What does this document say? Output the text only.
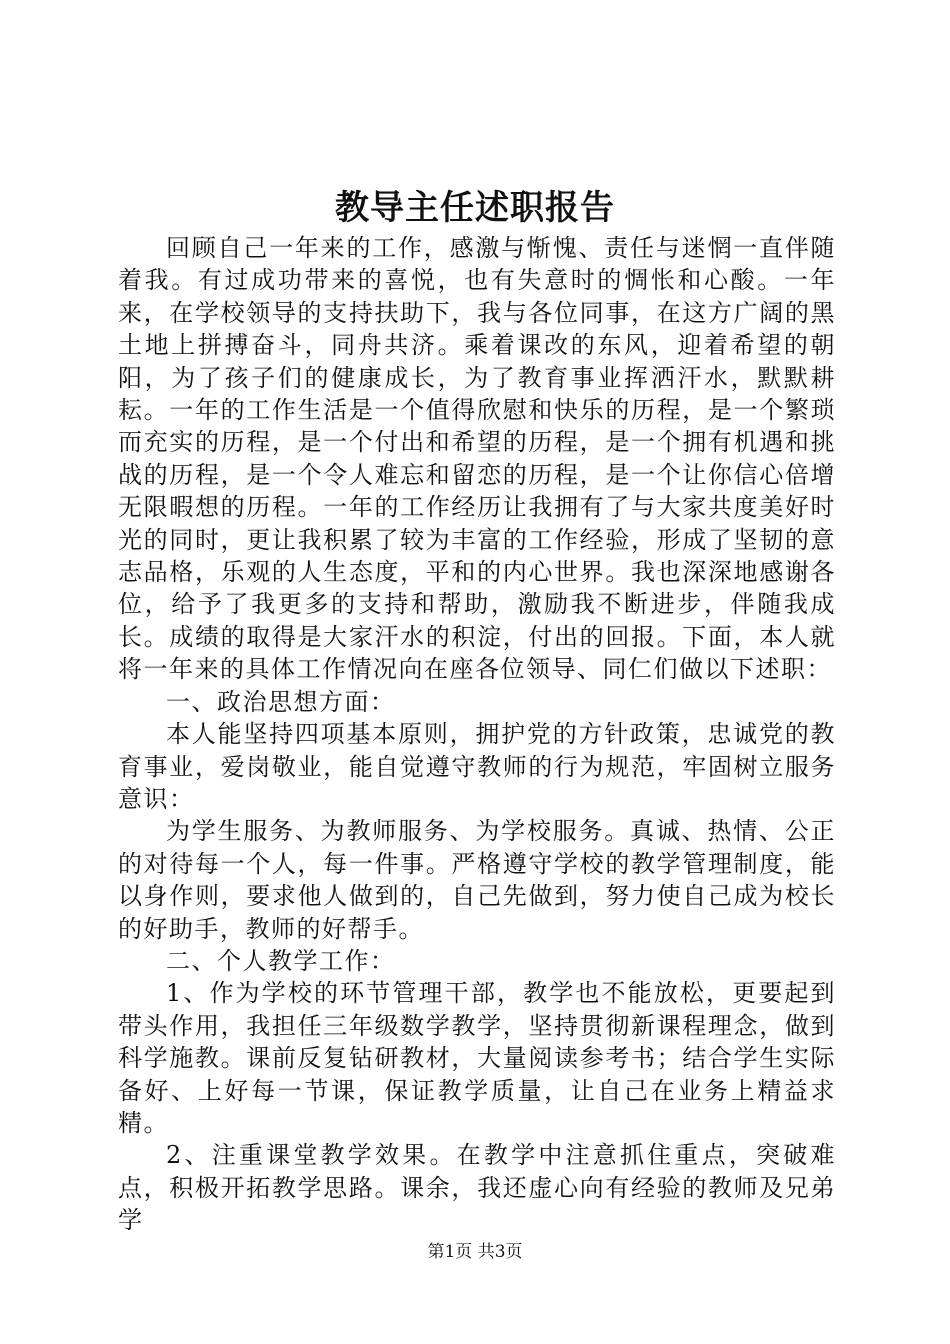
教导主任述职报告

回顾自己一年来的工作，感激与惭愧、责任与迷惘一直伴随着我。有过成功带来的喜悦，也有失意时的惆怅和心酸。一年来，在学校领导的支持扶助下，我与各位同事，在这方广阔的黑土地上拼搏奋斗，同舟共济。乘着课改的东风，迎着希望的朝阳，为了孩子们的健康成长，为了教育事业挥洒汗水，默默耕耘。一年的工作生活是一个值得欣慰和快乐的历程，是一个繁琐而充实的历程，是一个付出和希望的历程，是一个拥有机遇和挑战的历程，是一个令人难忘和留恋的历程，是一个让你信心倍增无限暇想的历程。一年的工作经历让我拥有了与大家共度美好时光的同时，更让我积累了较为丰富的工作经验，形成了坚韧的意志品格，乐观的人生态度，平和的内心世界。我也深深地感谢各位，给予了我更多的支持和帮助，激励我不断进步，伴随我成长。成绩的取得是大家汗水的积淀，付出的回报。下面，本人就将一年来的具体工作情况向在座各位领导、同仁们做以下述职：

一、政治思想方面：

本人能坚持四项基本原则，拥护党的方针政策，忠诚党的教育事业，爱岗敬业，能自觉遵守教师的行为规范，牢固树立服务意识：

为学生服务、为教师服务、为学校服务。真诚、热情、公正的对待每一个人，每一件事。严格遵守学校的教学管理制度，能以身作则，要求他人做到的，自己先做到，努力使自己成为校长的好助手，教师的好帮手。

二、个人教学工作：

1、作为学校的环节管理干部，教学也不能放松，更要起到带头作用，我担任三年级数学教学，坚持贯彻新课程理念，做到科学施教。课前反复钻研教材，大量阅读参考书；结合学生实际备好、上好每一节课，保证教学质量，让自己在业务上精益求精。

2、注重课堂教学效果。在教学中注意抓住重点，突破难点，积极开拓教学思路。课余，我还虚心向有经验的教师及兄弟学

第1页 共3页
